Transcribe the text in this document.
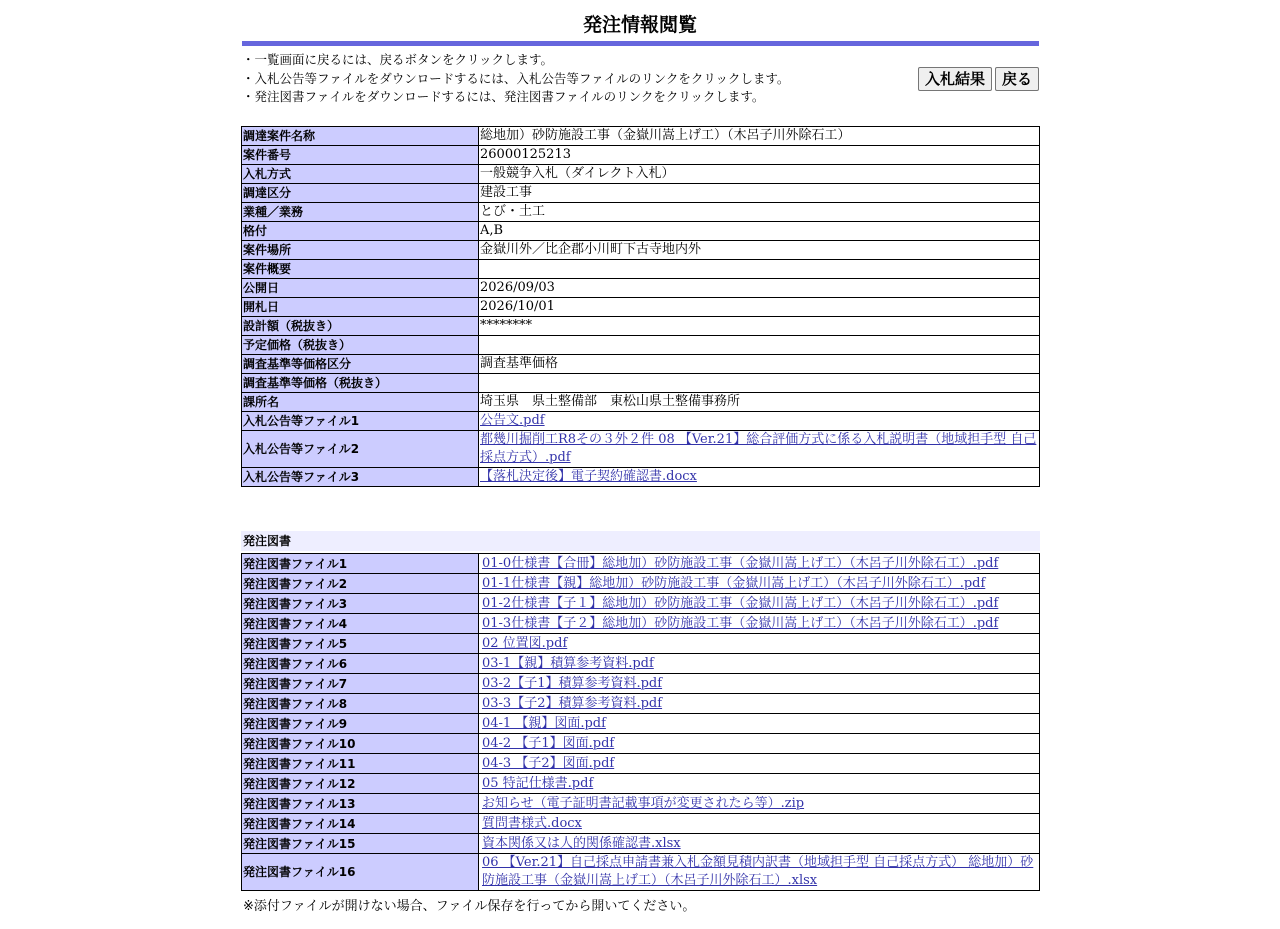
発注情報閲覧
・一覧画面に戻るには、戻るボタンをクリックします。
・入札公告等ファイルをダウンロードするには、入札公告等ファイルのリンクをクリックします。
・発注図書ファイルをダウンロードするには、発注図書ファイルのリンクをクリックします。
入札結果	戻る
調達案件名称	総地加）砂防施設工事（金嶽川嵩上げ工）（木呂子川外除石工）
案件番号	26000125213
入札方式	一般競争入札（ダイレクト入札）
調達区分	建設工事
業種／業務	とび・土工
格付	A,B
案件場所	金嶽川外／比企郡小川町下古寺地内外
案件概要	
公開日	2026/09/03
開札日	2026/10/01
設計額（税抜き）	********
予定価格（税抜き）	
調査基準等価格区分	調査基準価格
調査基準等価格（税抜き）	
課所名	埼玉県　県土整備部　東松山県土整備事務所
入札公告等ファイル1	公告文.pdf
入札公告等ファイル2	都幾川掘削工R8その３外２件 08 【Ver.21】総合評価方式に係る入札説明書（地域担手型 自己採点方式）.pdf
入札公告等ファイル3	【落札決定後】電子契約確認書.docx
発注図書
発注図書ファイル1	01-0仕様書【合冊】総地加）砂防施設工事（金嶽川嵩上げ工）（木呂子川外除石工）.pdf
発注図書ファイル2	01-1仕様書【親】総地加）砂防施設工事（金嶽川嵩上げ工）（木呂子川外除石工）.pdf
発注図書ファイル3	01-2仕様書【子１】総地加）砂防施設工事（金嶽川嵩上げ工）（木呂子川外除石工）.pdf
発注図書ファイル4	01-3仕様書【子２】総地加）砂防施設工事（金嶽川嵩上げ工）（木呂子川外除石工）.pdf
発注図書ファイル5	02 位置図.pdf
発注図書ファイル6	03-1【親】積算参考資料.pdf
発注図書ファイル7	03-2【子1】積算参考資料.pdf
発注図書ファイル8	03-3【子2】積算参考資料.pdf
発注図書ファイル9	04-1 【親】図面.pdf
発注図書ファイル10	04-2 【子1】図面.pdf
発注図書ファイル11	04-3 【子2】図面.pdf
発注図書ファイル12	05 特記仕様書.pdf
発注図書ファイル13	お知らせ（電子証明書記載事項が変更されたら等）.zip
発注図書ファイル14	質問書様式.docx
発注図書ファイル15	資本関係又は人的関係確認書.xlsx
発注図書ファイル16	06 【Ver.21】自己採点申請書兼入札金額見積内訳書（地域担手型 自己採点方式） 総地加）砂防施設工事（金嶽川嵩上げ工）（木呂子川外除石工）.xlsx
※添付ファイルが開けない場合、ファイル保存を行ってから開いてください。
